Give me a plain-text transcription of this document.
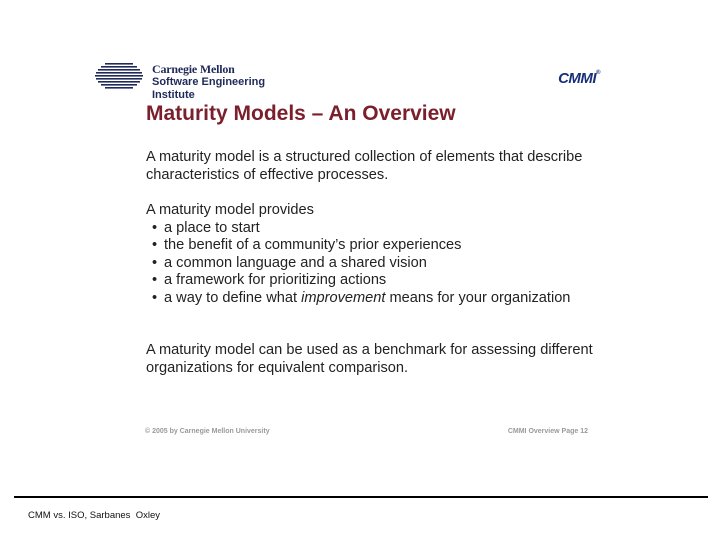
Carnegie Mellon
Software Engineering Institute
CMMI®
Maturity Models – An Overview
A maturity model is a structured collection of elements that describe characteristics of effective processes.
A maturity model provides
• a place to start
• the benefit of a community’s prior experiences
• a common language and a shared vision
• a framework for prioritizing actions
• a way to define what improvement means for your organization
A maturity model can be used as a benchmark for assessing different organizations for equivalent comparison.
© 2005 by Carnegie Mellon University	CMMI Overview Page 12
CMM vs. ISO, Sarbanes  Oxley
